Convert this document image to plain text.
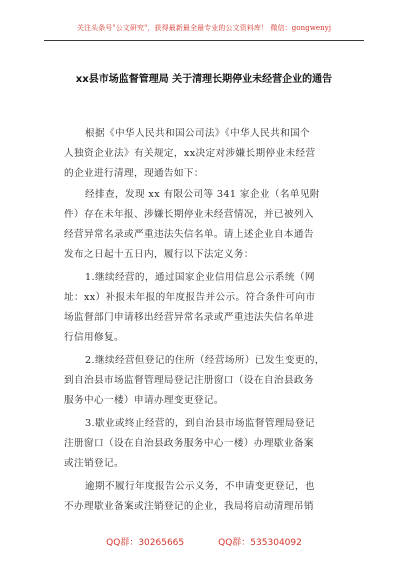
关注头条号"公文研究"，获得最新最全最专业的公文资料库！ 微信：gongwenyj
xx县市场监督管理局 关于清理长期停业未经营企业的通告
根据《中华人民共和国公司法》《中华人民共和国个
人独资企业法》有关规定，xx决定对涉嫌长期停业未经营
的企业进行清理，现通告如下：
经排查，发现 xx 有限公司等 341 家企业（名单见附
件）存在未年报、涉嫌长期停业未经营情况，并已被列入
经营异常名录或严重违法失信名单。请上述企业自本通告
发布之日起十五日内，履行以下法定义务：
1.继续经营的，通过国家企业信用信息公示系统（网
址：xx）补报未年报的年度报告并公示。符合条件可向市
场监督部门申请移出经营异常名录或严重违法失信名单进
行信用修复。
2.继续经营但登记的住所（经营场所）已发生变更的，
到自治县市场监督管理局登记注册窗口（设在自治县政务
服务中心一楼）申请办理变更登记。
3.歇业或终止经营的，到自治县市场监督管理局登记
注册窗口（设在自治县政务服务中心一楼）办理歇业备案
或注销登记。
逾期不履行年度报告公示义务，不申请变更登记，也
不办理歇业备案或注销登记的企业，我局将启动清理吊销
QQ群：30265665	QQ群：535304092
